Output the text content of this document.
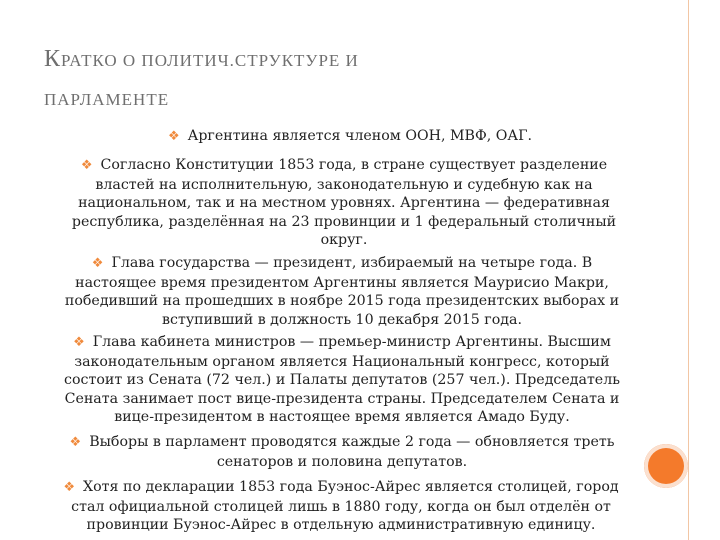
КРАТКО О ПОЛИТИЧ.СТРУКТУРЕ И
ПАРЛАМЕНТЕ
❖ Аргентина является членом ООН, МВФ, ОАГ.
❖ Согласно Конституции 1853 года, в стране существует разделение властей на исполнительную, законодательную и судебную как на национальном, так и на местном уровнях. Аргентина — федеративная республика, разделённая на 23 провинции и 1 федеральный столичный округ.
❖ Глава государства — президент, избираемый на четыре года. В настоящее время президентом Аргентины является Маурисио Макри, победивший на прошедших в ноябре 2015 года президентских выборах и вступивший в должность 10 декабря 2015 года.
❖ Глава кабинета министров — премьер-министр Аргентины. Высшим законодательным органом является Национальный конгресс, который состоит из Сената (72 чел.) и Палаты депутатов (257 чел.). Председатель Сената занимает пост вице-президента страны. Председателем Сената и вице-президентом в настоящее время является Амадо Буду.
❖ Выборы в парламент проводятся каждые 2 года — обновляется треть сенаторов и половина депутатов.
❖ Хотя по декларации 1853 года Буэнос-Айрес является столицей, город стал официальной столицей лишь в 1880 году, когда он был отделён от провинции Буэнос-Айрес в отдельную административную единицу.
